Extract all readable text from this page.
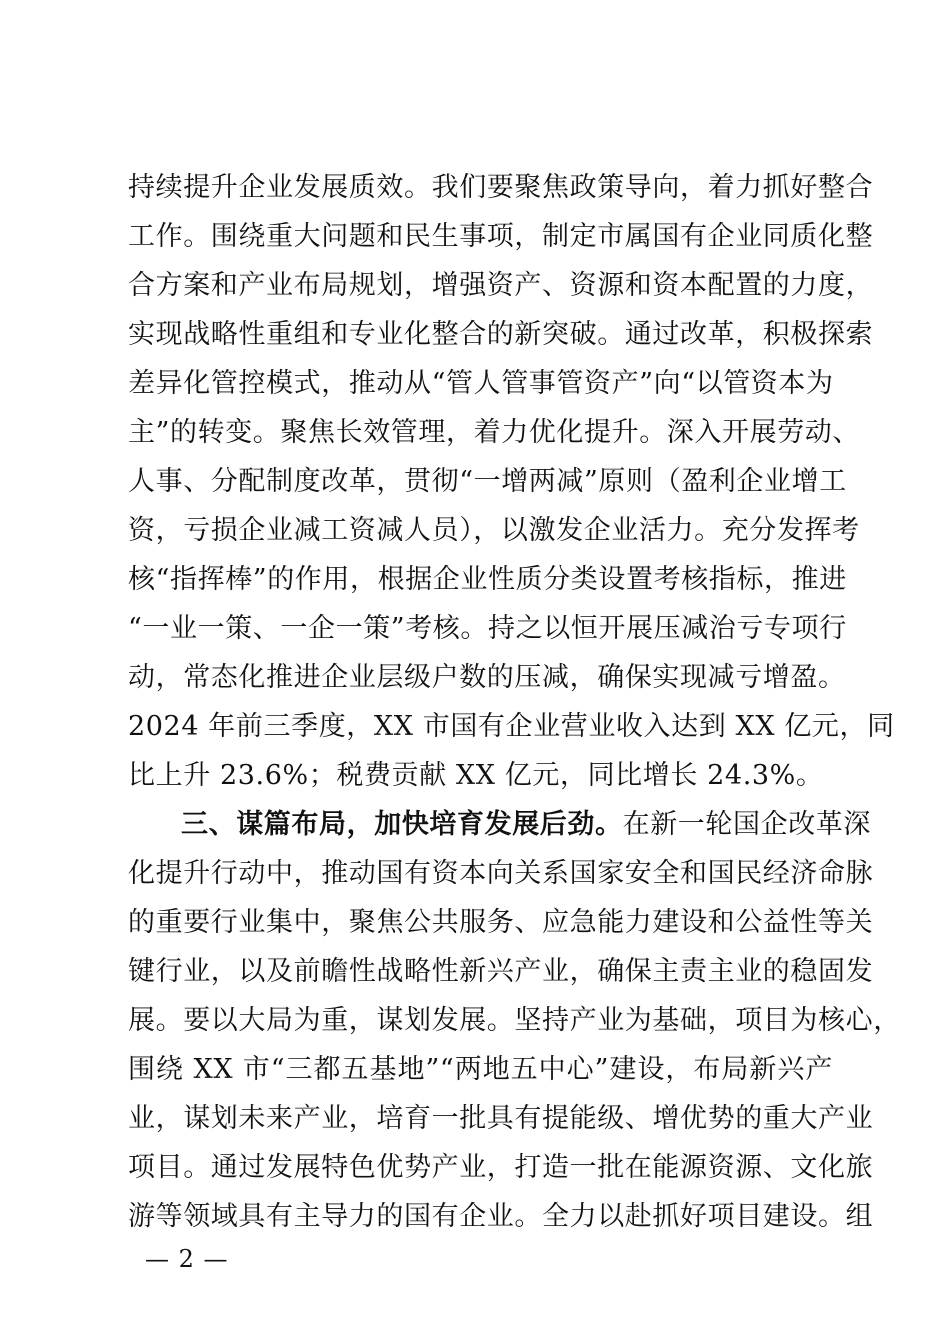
持续提升企业发展质效。我们要聚焦政策导向，着力抓好整合
工作。围绕重大问题和民生事项，制定市属国有企业同质化整
合方案和产业布局规划，增强资产、资源和资本配置的力度，
实现战略性重组和专业化整合的新突破。通过改革，积极探索
差异化管控模式，推动从“管人管事管资产”向“以管资本为
主”的转变。聚焦长效管理，着力优化提升。深入开展劳动、
人事、分配制度改革，贯彻“一增两减”原则（盈利企业增工
资，亏损企业减工资减人员），以激发企业活力。充分发挥考
核“指挥棒”的作用，根据企业性质分类设置考核指标，推进
“一业一策、一企一策”考核。持之以恒开展压减治亏专项行
动，常态化推进企业层级户数的压减，确保实现减亏增盈。
2024 年前三季度，XX 市国有企业营业收入达到 XX 亿元，同
比上升 23.6%；税费贡献 XX 亿元，同比增长 24.3%。
三、谋篇布局，加快培育发展后劲。在新一轮国企改革深
化提升行动中，推动国有资本向关系国家安全和国民经济命脉
的重要行业集中，聚焦公共服务、应急能力建设和公益性等关
键行业，以及前瞻性战略性新兴产业，确保主责主业的稳固发
展。要以大局为重，谋划发展。坚持产业为基础，项目为核心，
围绕 XX 市“三都五基地”“两地五中心”建设，布局新兴产
业，谋划未来产业，培育一批具有提能级、增优势的重大产业
项目。通过发展特色优势产业，打造一批在能源资源、文化旅
游等领域具有主导力的国有企业。全力以赴抓好项目建设。组
— 2 —
